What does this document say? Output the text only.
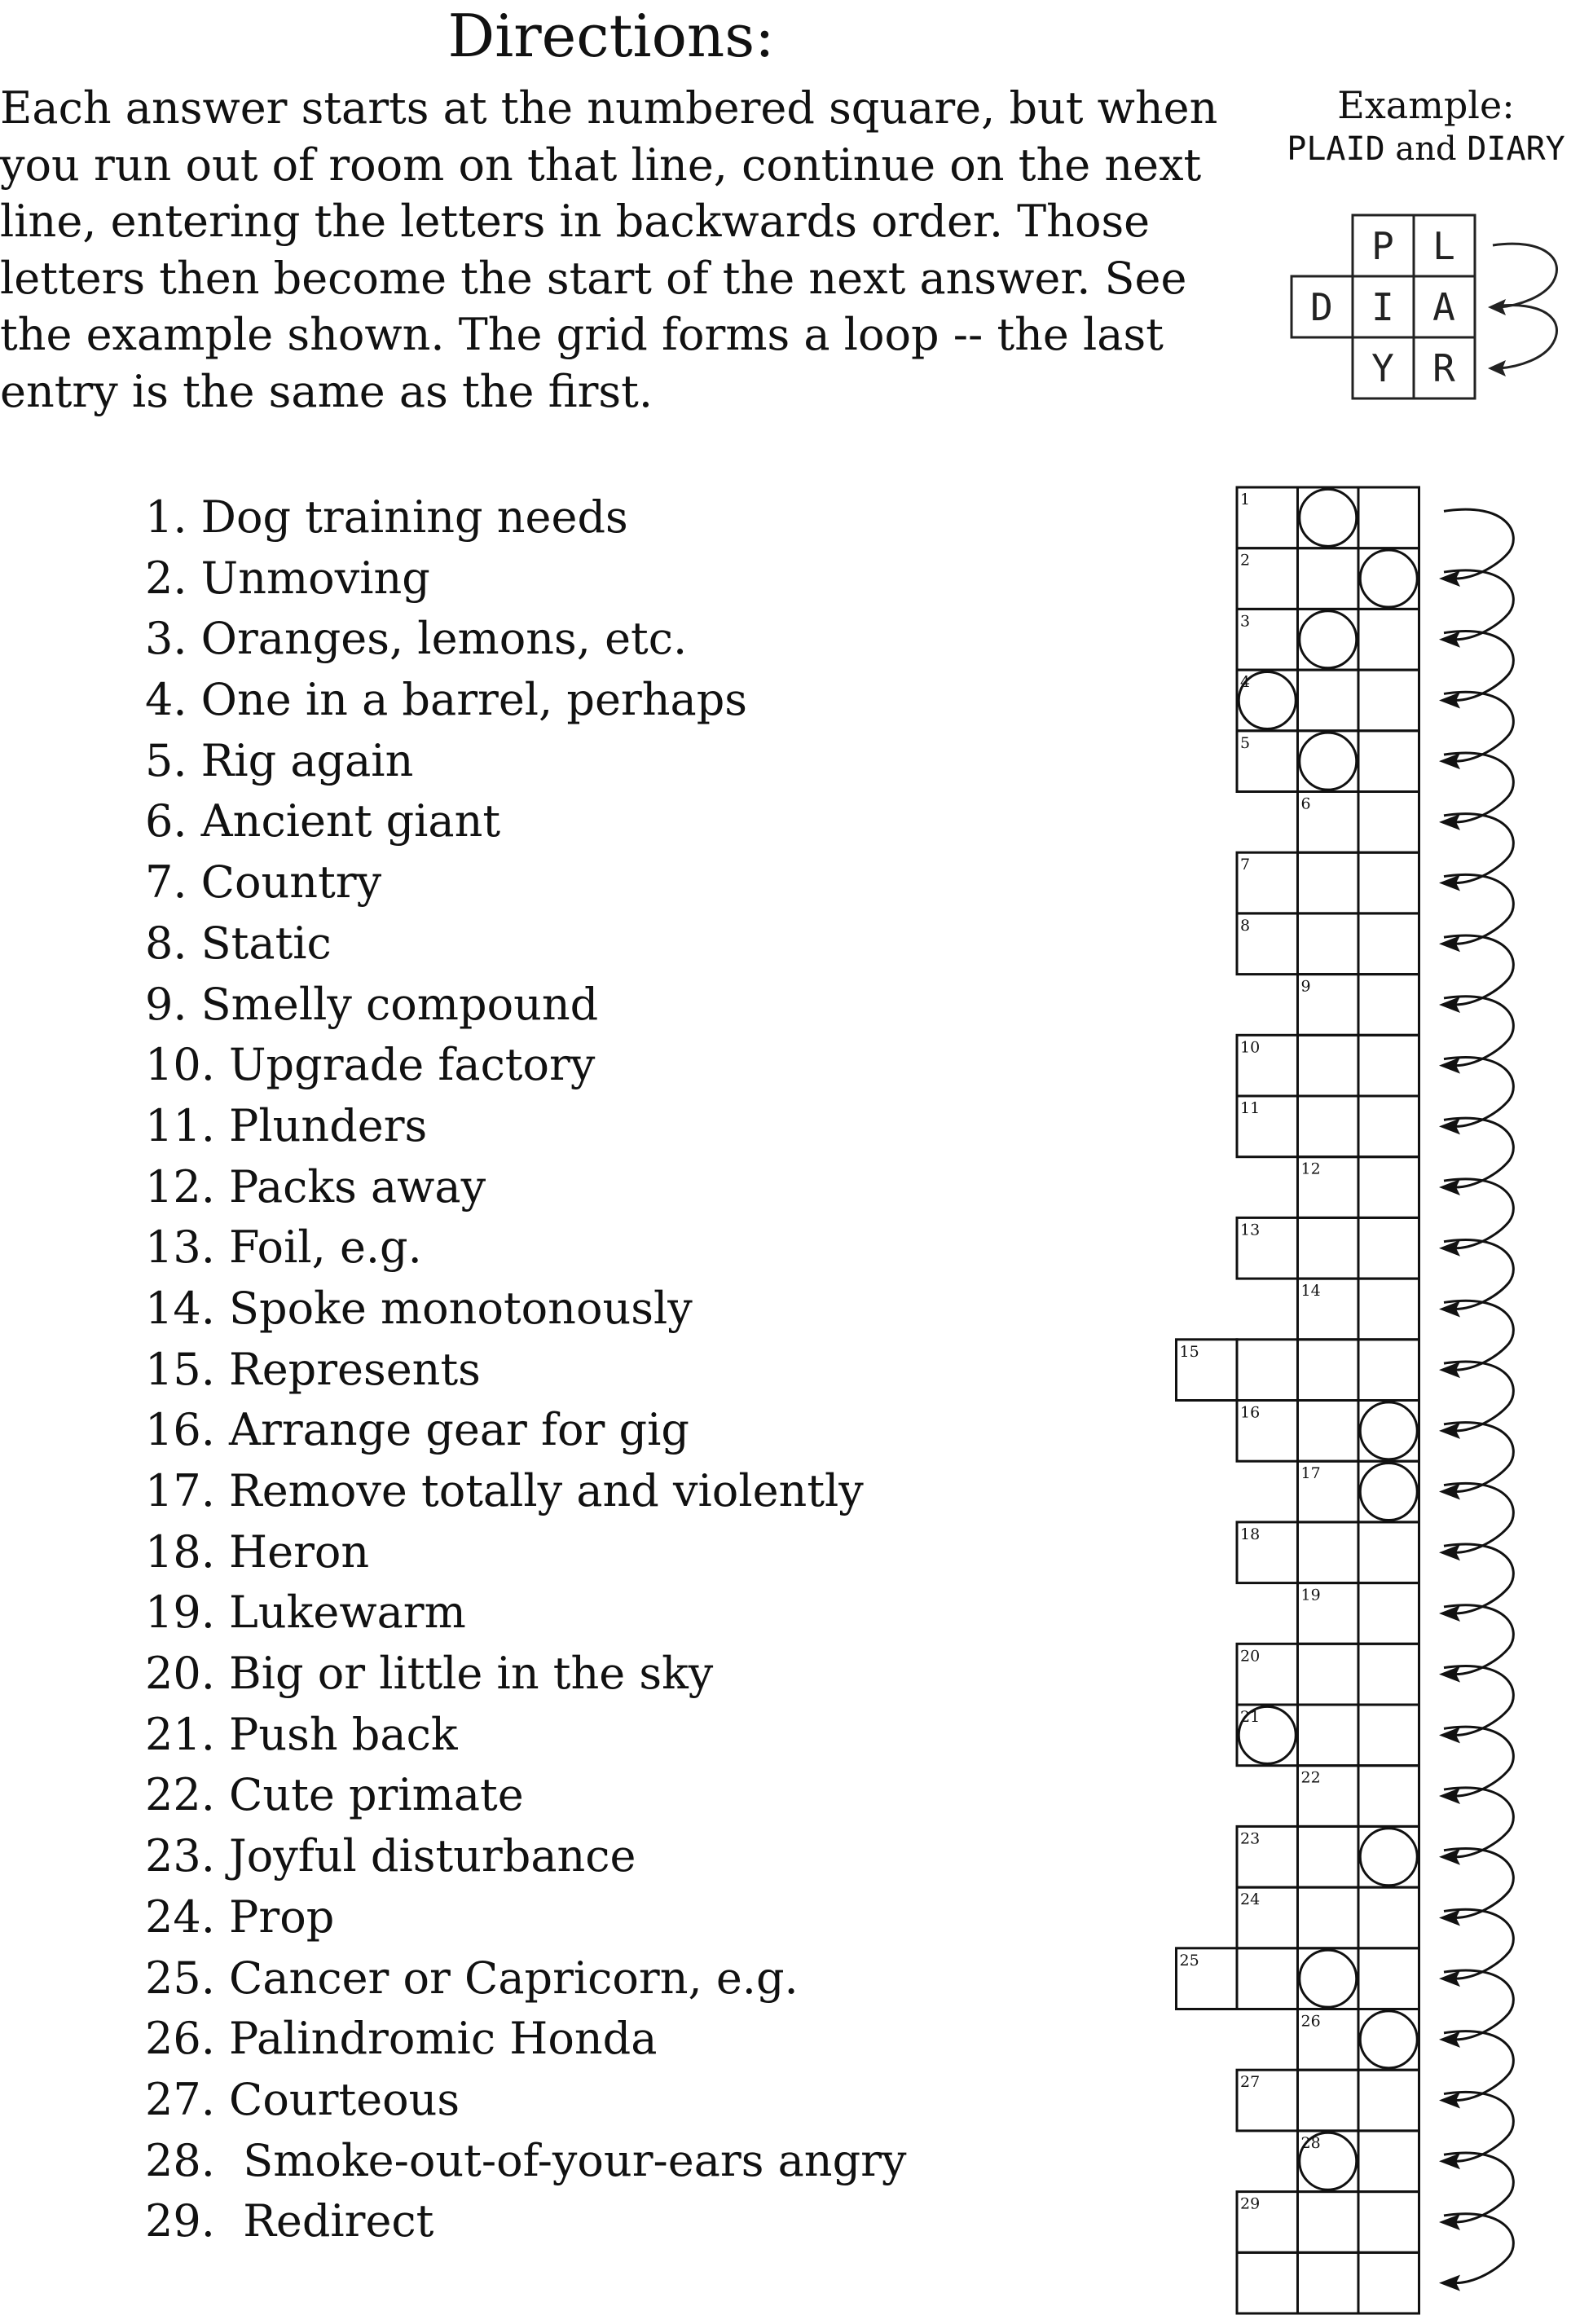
Directions:
Each answer starts at the numbered square, but when
you run out of room on that line, continue on the next
line, entering the letters in backwards order. Those
letters then become the start of the next answer. See
the example shown. The grid forms a loop -- the last
entry is the same as the first.
Example:
PLAID and DIARY
P L
D I A
Y R
1. Dog training needs
2. Unmoving
3. Oranges, lemons, etc.
4. One in a barrel, perhaps
5. Rig again
6. Ancient giant
7. Country
8. Static
9. Smelly compound
10. Upgrade factory
11. Plunders
12. Packs away
13. Foil, e.g.
14. Spoke monotonously
15. Represents
16. Arrange gear for gig
17. Remove totally and violently
18. Heron
19. Lukewarm
20. Big or little in the sky
21. Push back
22. Cute primate
23. Joyful disturbance
24. Prop
25. Cancer or Capricorn, e.g.
26. Palindromic Honda
27. Courteous
28.  Smoke-out-of-your-ears angry
29.  Redirect
1
2
3
4
5
6
7
8
9
10
11
12
13
14
15
16
17
18
19
20
21
22
23
24
25
26
27
28
29
